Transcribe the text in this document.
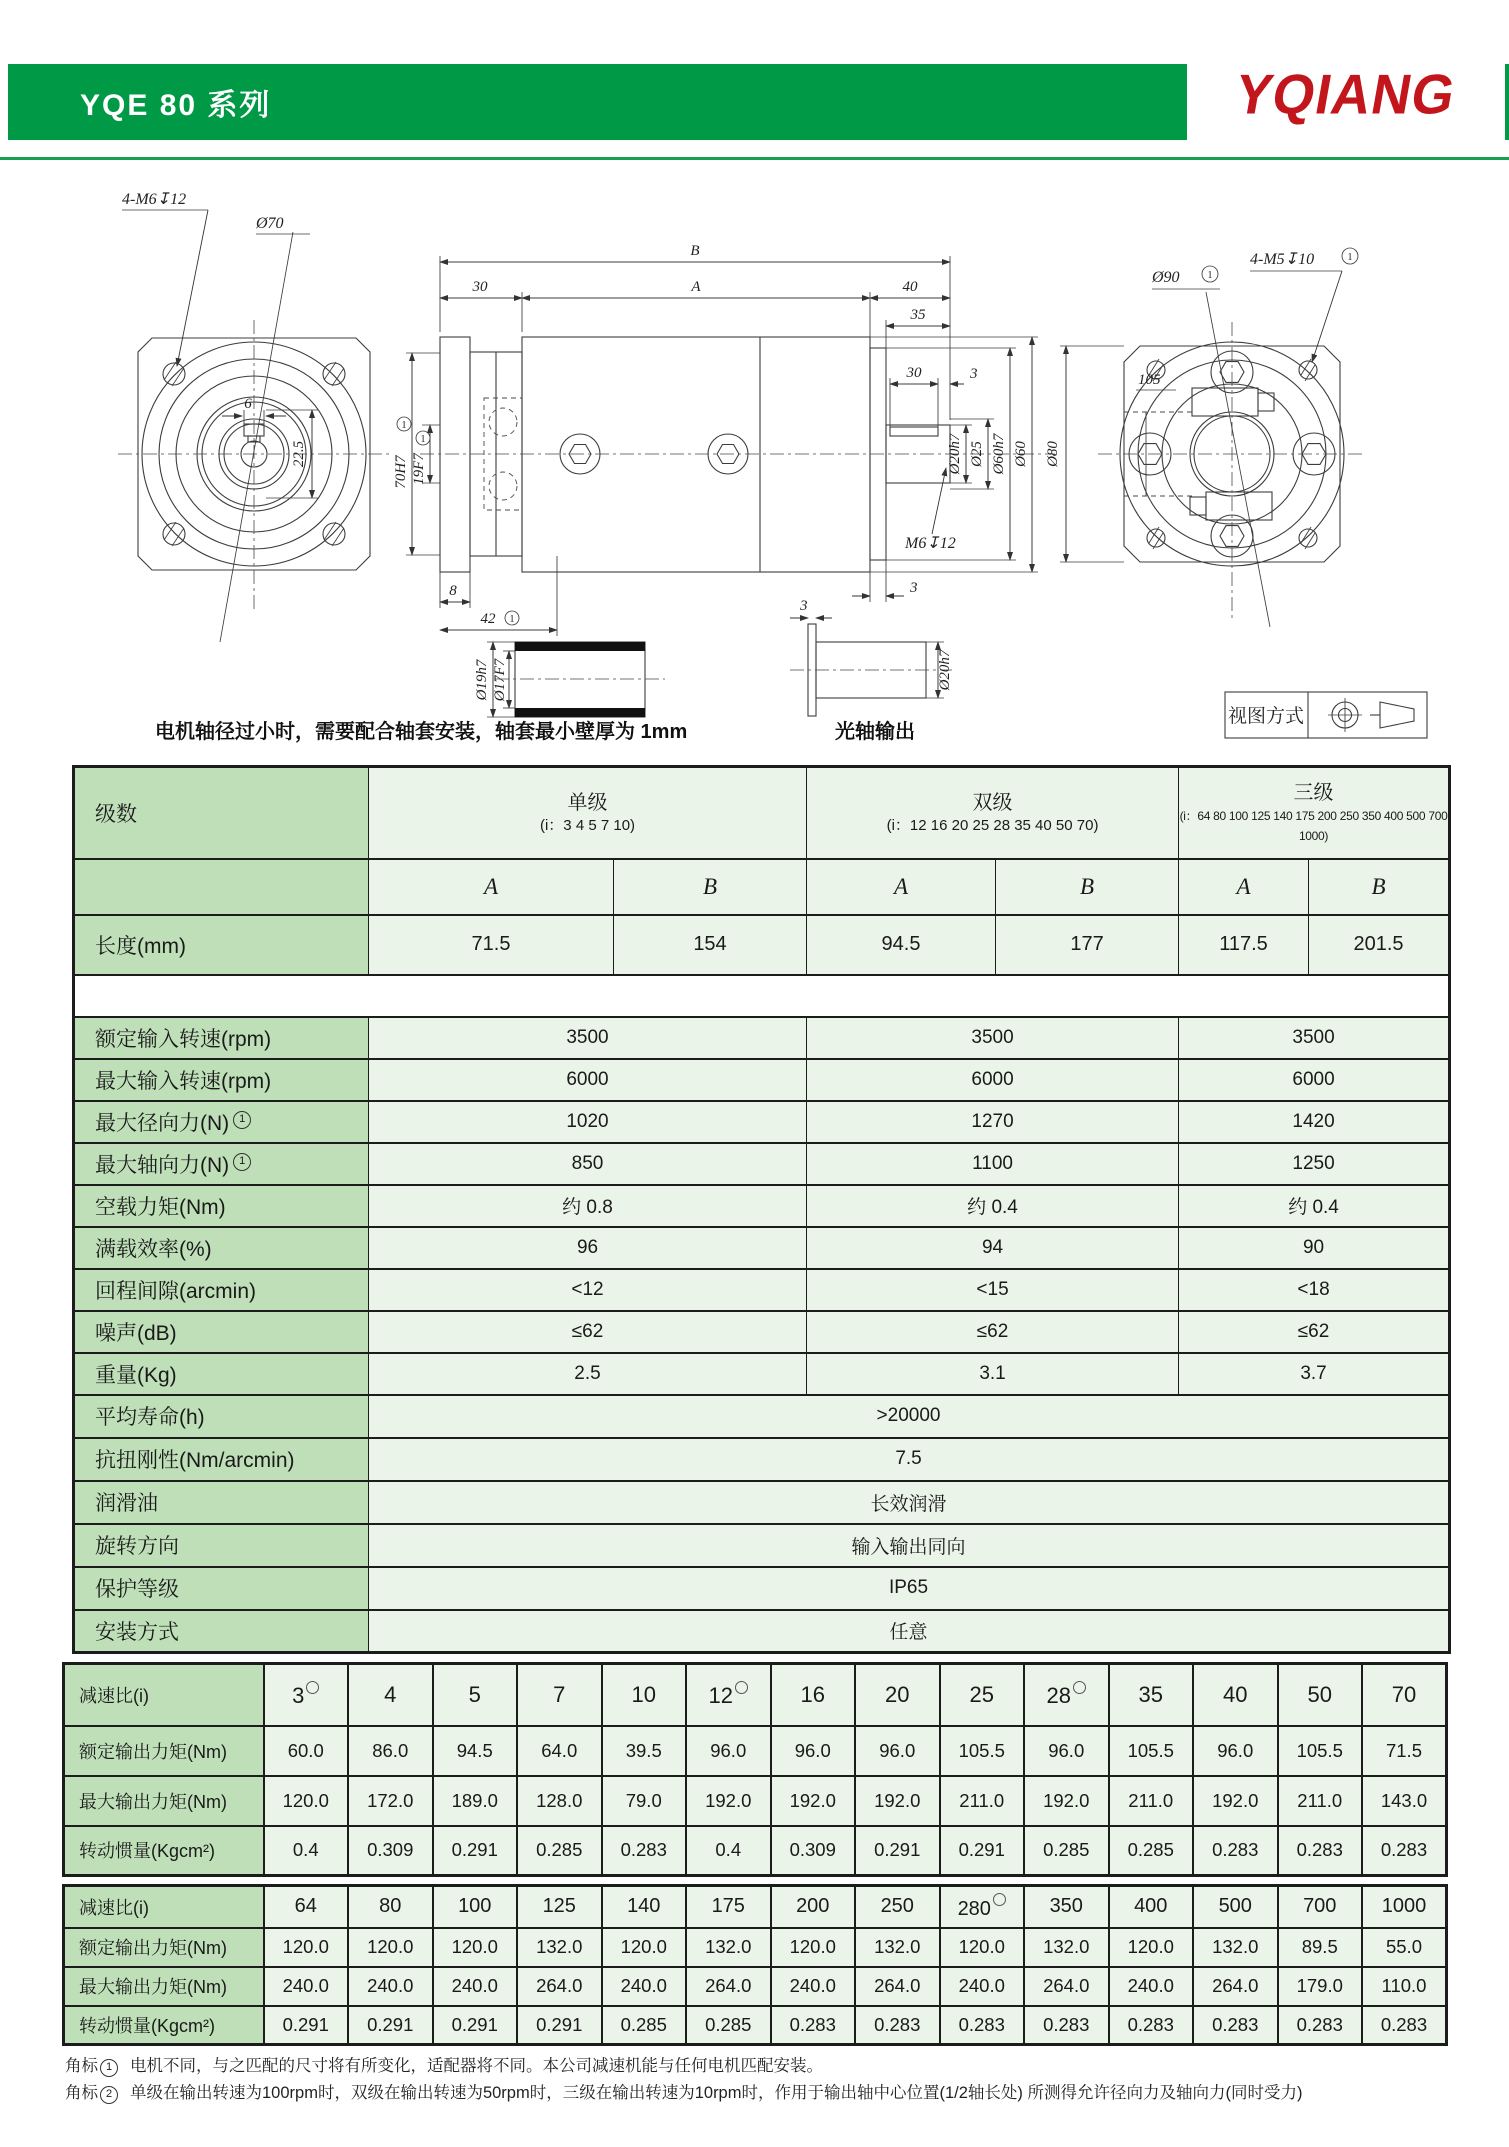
YQE 80 系列	YQIANG
6
22.5
4-M6↧12
Ø70
B
30	A	40
35
30	3
Ø20h7 Ø25 Ø60h7 Ø60
M6↧12
70H7
1
19F7
1
8
42 1
3
Ø19h7 Ø17F7
电机轴径过小时，需要配合轴套安装，轴套最小壁厚为 1mm
Ø20h7
3
光轴输出
105
Ø90	1
4-M5↧10	1
Ø80
视图方式
级数	单级
(i：3 4 5 7 10)

双级
(i：12 16 20 25 28 35 40 50 70)

三级
(i：64 80 100 125 140 175 200 250 350 400 500 700 1000)

	A	B	A	B	A	B
长度(mm)	71.5	154	94.5	177	117.5	201.5

额定输入转速(rpm)	3500		3500		3500	
最大输入转速(rpm)	6000		6000		6000	
最大径向力(N) 1	1020		1270		1420	
最大轴向力(N) 1	850		1100		1250	
空载力矩(Nm)	约 0.8		约 0.4		约 0.4	
满载效率(%)	96		94		90	
回程间隙(arcmin)	<12		<15		<18	
噪声(dB)	≤62		≤62		≤62	
重量(Kg)	2.5		3.1		3.7	
平均寿命(h)	>20000					
抗扭刚性(Nm/arcmin)	7.5					
润滑油	长效润滑					
旋转方向	输入输出同向					
保护等级	IP65					
安装方式	任意					
减速比(i)	3	4	5	7	10	12	16	20	25	28	35	40	50	70
额定输出力矩(Nm)	60.0	86.0	94.5	64.0	39.5	96.0	96.0	96.0	105.5	96.0	105.5	96.0	105.5	71.5
最大输出力矩(Nm)	120.0	172.0	189.0	128.0	79.0	192.0	192.0	192.0	211.0	192.0	211.0	192.0	211.0	143.0
转动惯量(Kgcm²)	0.4	0.309	0.291	0.285	0.283	0.4	0.309	0.291	0.291	0.285	0.285	0.283	0.283	0.283
减速比(i)	64	80	100	125	140	175	200	250	280	350	400	500	700	1000
额定输出力矩(Nm)	120.0	120.0	120.0	132.0	120.0	132.0	120.0	132.0	120.0	132.0	120.0	132.0	89.5	55.0
最大输出力矩(Nm)	240.0	240.0	240.0	264.0	240.0	264.0	240.0	264.0	240.0	264.0	240.0	264.0	179.0	110.0
转动惯量(Kgcm²)	0.291	0.291	0.291	0.291	0.285	0.285	0.283	0.283	0.283	0.283	0.283	0.283	0.283	0.283
角标 1 电机不同，与之匹配的尺寸将有所变化，适配器将不同。本公司减速机能与任何电机匹配安装。
角标 2 单级在输出转速为100rpm时，双级在输出转速为50rpm时，三级在输出转速为10rpm时，作用于输出轴中心位置(1/2轴长处) 所测得允许径向力及轴向力(同时受力)
